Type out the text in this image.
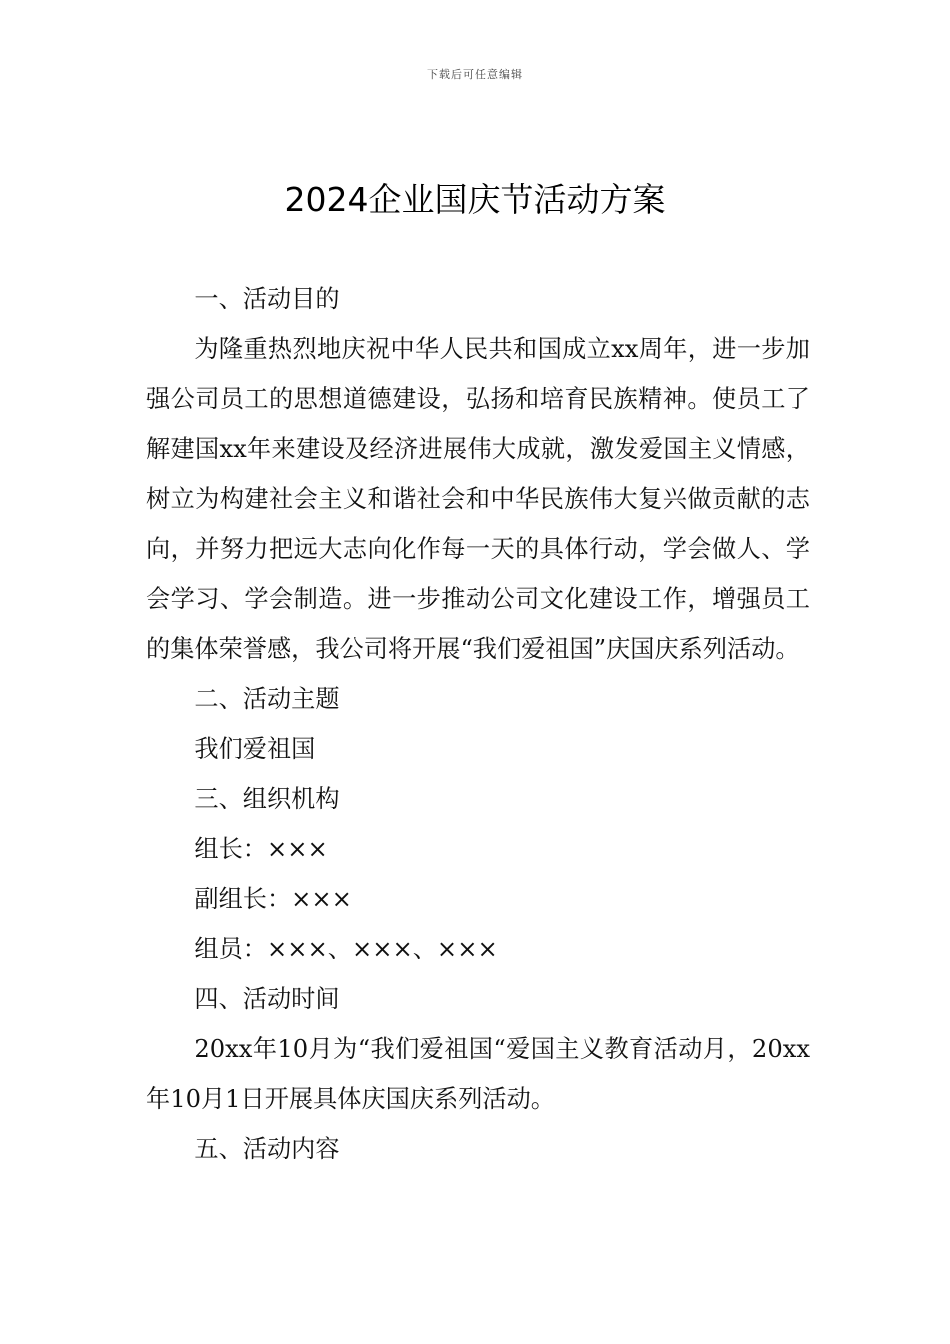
下载后可任意编辑
2024企业国庆节活动方案

一、活动目的

为隆重热烈地庆祝中华人民共和国成立xx周年，进一步加强公司员工的思想道德建设，弘扬和培育民族精神。使员工了解建国xx年来建设及经济进展伟大成就，激发爱国主义情感，树立为构建社会主义和谐社会和中华民族伟大复兴做贡献的志向，并努力把远大志向化作每一天的具体行动，学会做人、学会学习、学会制造。进一步推动公司文化建设工作，增强员工的集体荣誉感，我公司将开展“我们爱祖国”庆国庆系列活动。

二、活动主题

我们爱祖国

三、组织机构

组长：×××

副组长：×××

组员：×××、×××、×××

四、活动时间

20xx年10月为“我们爱祖国“爱国主义教育活动月，20xx年10月1日开展具体庆国庆系列活动。

五、活动内容
